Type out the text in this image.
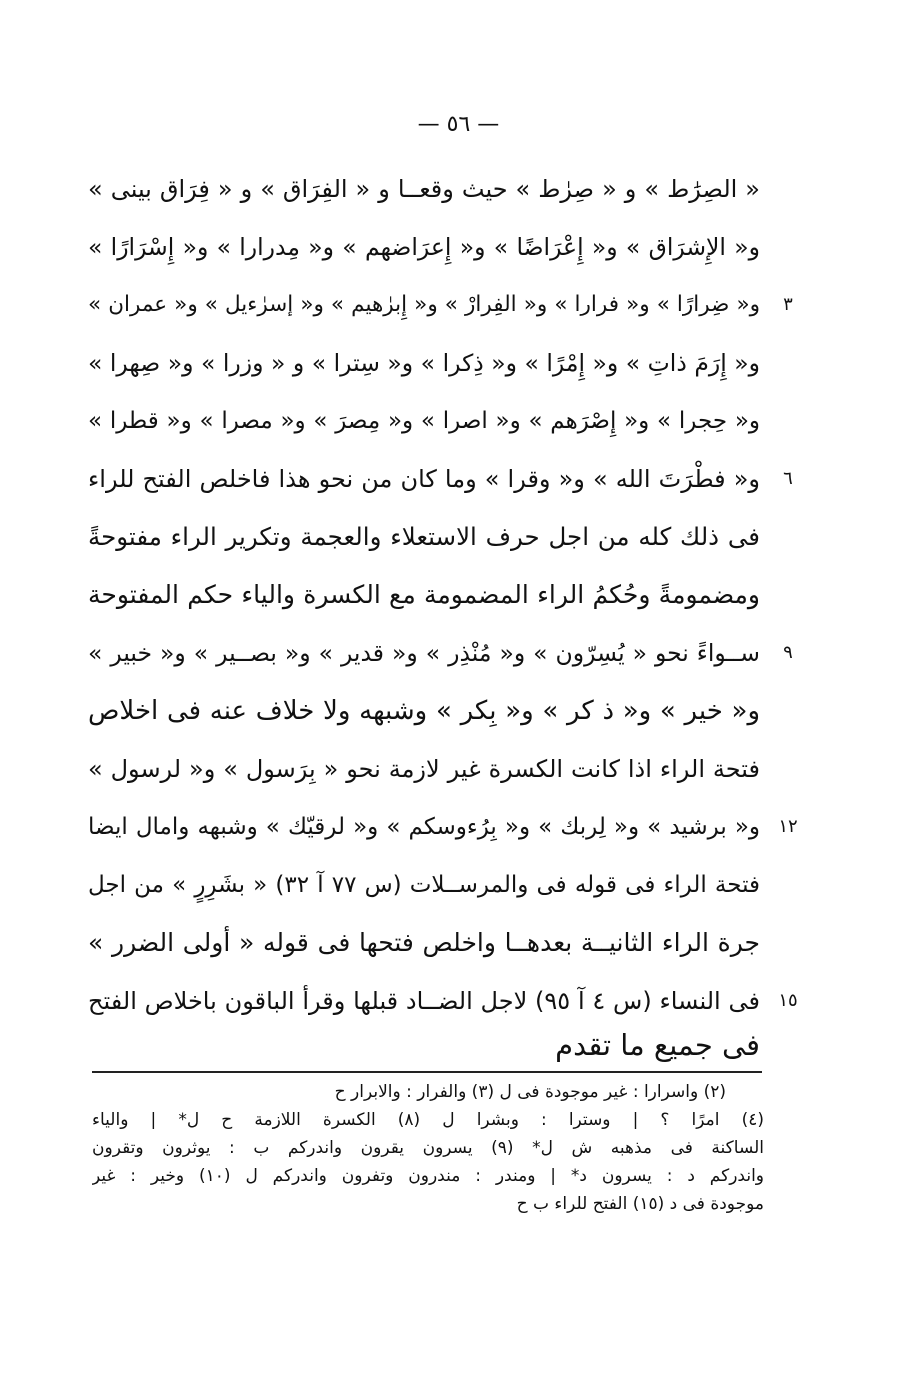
— ٥٦ —
« الصِرَٰط » و « صِرٰط » حيث وقعــا و « الفِرَاق » و « فِرَاق بينى »
و« الإِشرَاق » و« إِعْرَاضًا » و« إِعرَاضهم » و« مِدرارا » و« إِسْرَارًا »
و« ضِرارًا » و« فرارا » و« الفِرارْ » و« إِبرٰهيم » و« إسرٰءيل » و« عمران »	٣
و« إِرَمَ ذاتِ » و« إِمْرًا » و« ذِكرا » و« سِترا » و « وزرا » و« صِهرا »
و« حِجرا » و« إِصْرَهم » و« اصرا » و« مِصرَ » و« مصرا » و« قطرا »
و« فطْرَتَ الله » و« وقرا » وما كان من نحو هذا فاخلص الفتح للراء	٦
فى ذلك كله من اجل حرف الاستعلاء والعجمة وتكرير الراء مفتوحةً
ومضمومةً وحُكمُ الراء المضمومة مع الكسرة والياء حكم المفتوحة
ســواءً نحو « يُسِرّون » و« مُنْذِر » و« قدير » و« بصــير » و« خبير »	٩
و« خير » و« ذ كر » و« بِكر » وشبهه ولا خلاف عنه فى اخلاص
فتحة الراء اذا كانت الكسرة غير لازمة نحو « بِرَسول » و« لرسول »
و« برشيد » و« لِربك » و« بِرُءوسكم » و« لرقيّك » وشبهه وامال ايضا	١٢
فتحة الراء فى قوله فى والمرســلات (س ٧٧ آ ٣٢) « بشَرِرٍ » من اجل
جرة الراء الثانيــة بعدهــا واخلص فتحها فى قوله « أولى الضرر »
فى النساء (س ٤ آ ٩٥) لاجل الضــاد قبلها وقرأ الباقون باخلاص الفتح	١٥
فى جميع ما تقدم
(٢) واسرارا : غير موجودة فى ل (٣) والفرار : والابرار ح
(٤) امرًا ؟ | وسترا : وبشرا ل (٨) الكسرة اللازمة ح ل* | والياء
الساكنة فى مذهبه ش ل* (٩) يسرون يقرون واندركم ب : يوثرون وتقرون
واندركم د : يسرون د* | ومندر : مندرون وتفرون واندركم ل (١٠) وخير : غير
موجودة فى د (١٥) الفتح للراء ب ح
